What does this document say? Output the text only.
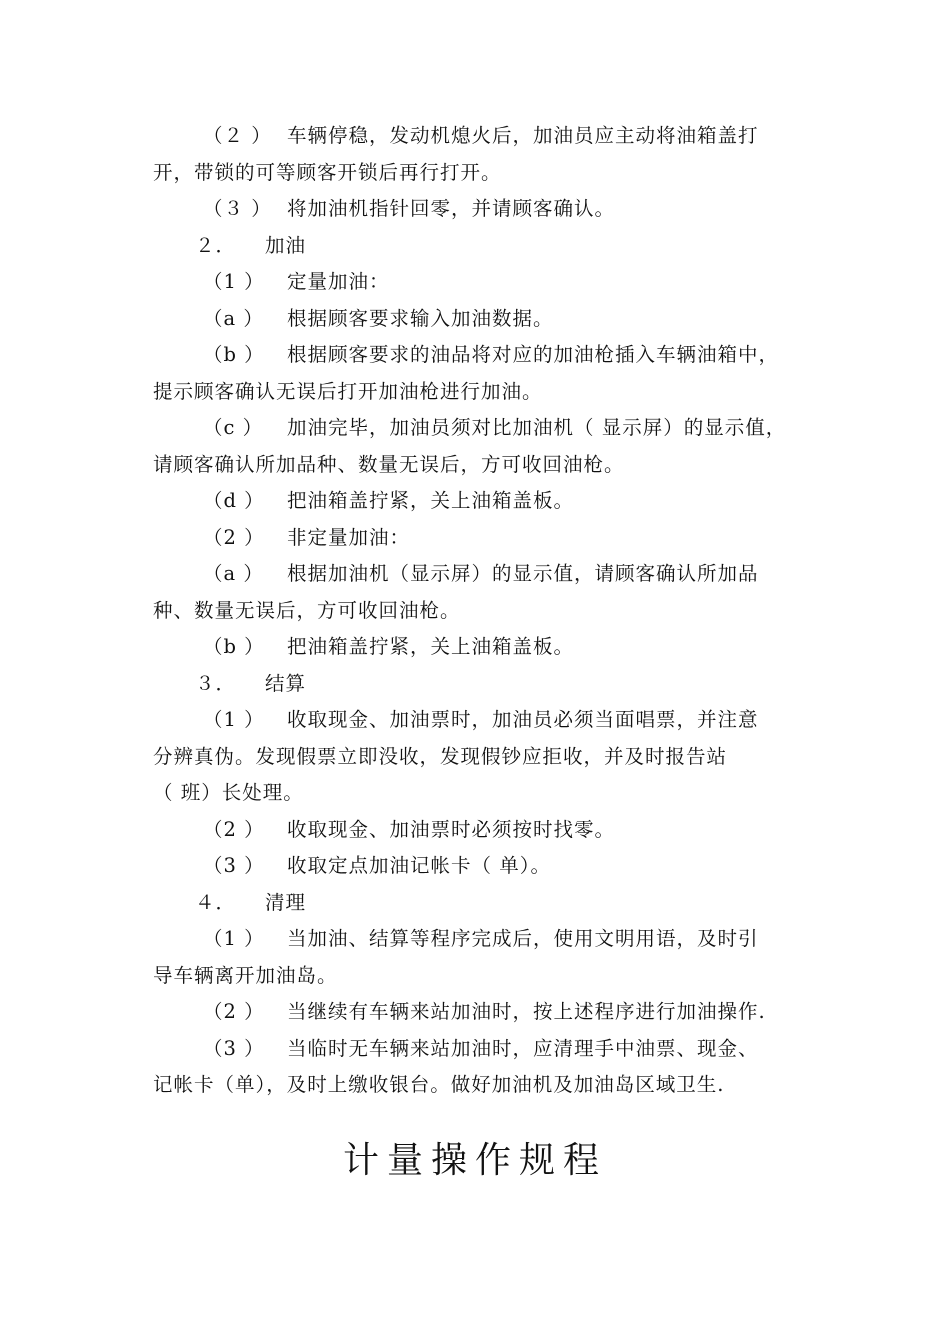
（２ ） 车辆停稳，发动机熄火后，加油员应主动将油箱盖打
开，带锁的可等顾客开锁后再行打开。
（３ ） 将加油机指针回零，并请顾客确认。
２． 加油
（1 ） 定量加油：
（a ） 根据顾客要求输入加油数据。
（b ） 根据顾客要求的油品将对应的加油枪插入车辆油箱中，
提示顾客确认无误后打开加油枪进行加油。
（c ） 加油完毕，加油员须对比加油机（ 显示屏）的显示值，
请顾客确认所加品种、数量无误后，方可收回油枪。
（d ） 把油箱盖拧紧，关上油箱盖板。
（2 ） 非定量加油：
（a ） 根据加油机（显示屏）的显示值，请顾客确认所加品
种、数量无误后，方可收回油枪。
（b ） 把油箱盖拧紧，关上油箱盖板。
３． 结算
（1 ） 收取现金、加油票时，加油员必须当面唱票，并注意
分辨真伪。发现假票立即没收，发现假钞应拒收，并及时报告站
（ 班）长处理。
（2 ） 收取现金、加油票时必须按时找零。
（3 ） 收取定点加油记帐卡（ 单）。
４． 清理
（1 ） 当加油、结算等程序完成后，使用文明用语，及时引
导车辆离开加油岛。
（2 ） 当继续有车辆来站加油时，按上述程序进行加油操作.
（3 ） 当临时无车辆来站加油时，应清理手中油票、现金、
记帐卡（单），及时上缴收银台。做好加油机及加油岛区域卫生.
计量操作规程
